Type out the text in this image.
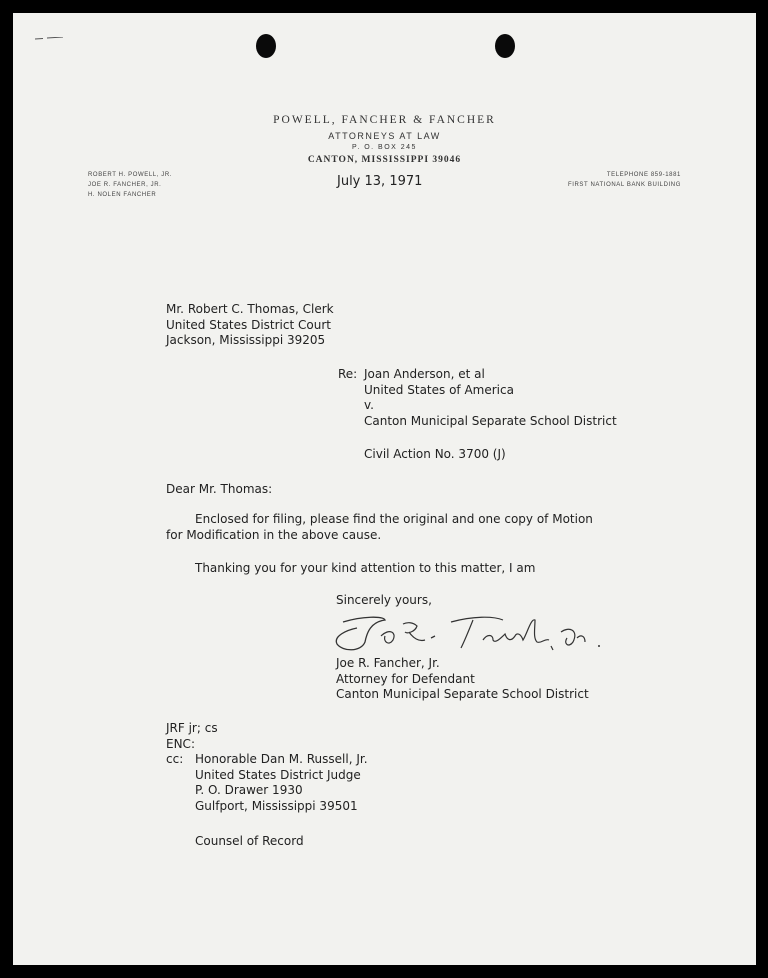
POWELL, FANCHER & FANCHER
ATTORNEYS AT LAW
P. O. BOX 245
CANTON, MISSISSIPPI 39046
ROBERT H. POWELL, JR.
JOE R. FANCHER, JR.
H. NOLEN FANCHER
TELEPHONE 859-1881
FIRST NATIONAL BANK BUILDING
July 13, 1971
Mr. Robert C. Thomas, Clerk
United States District Court
Jackson, Mississippi 39205
Re: Joan Anderson, et al
United States of America
v.
Canton Municipal Separate School District
Civil Action No. 3700 (J)
Dear Mr. Thomas:
Enclosed for filing, please find the original and one copy of Motion
for Modification in the above cause.
Thanking you for your kind attention to this matter, I am
Sincerely yours,
Joe R. Fancher, Jr.
Attorney for Defendant
Canton Municipal Separate School District
JRF jr; cs
ENC:
cc: Honorable Dan M. Russell, Jr.
United States District Judge
P. O. Drawer 1930
Gulfport, Mississippi 39501
Counsel of Record
